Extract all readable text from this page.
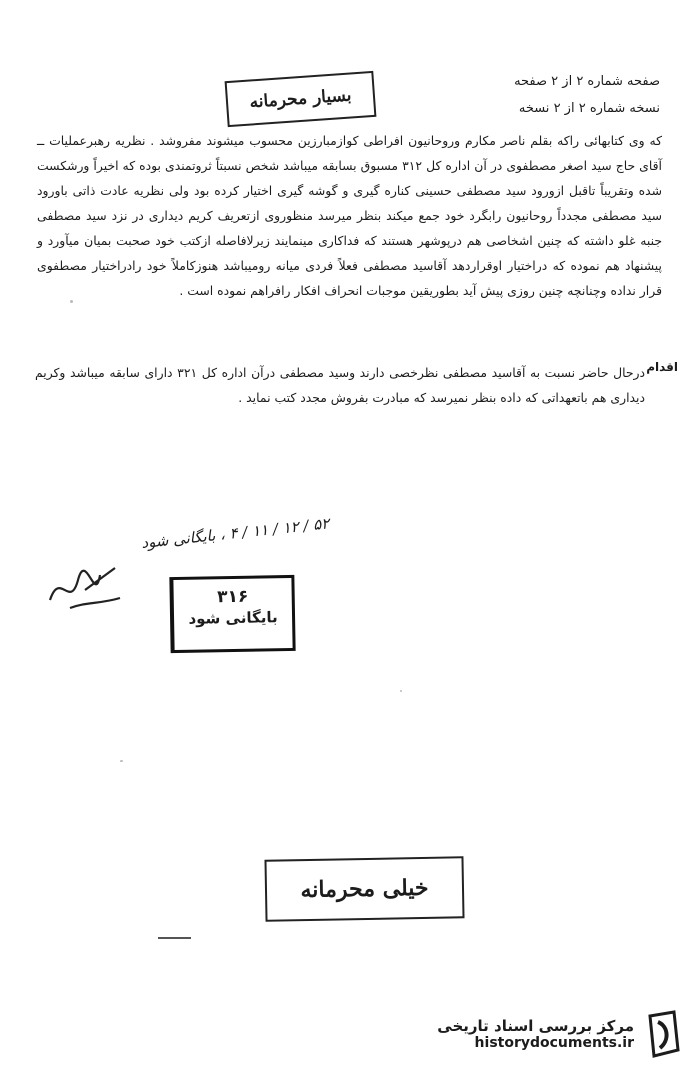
صفحه شماره ۲ از ۲ صفحه
نسخه شماره ۲ از ۲ نسخه
بسیار محرمانه

که وی کتابهائی راکه بقلم ناصر مکارم وروحانیون افراطی کوازمبارزین محسوب میشوند مفروشد . نظریه رهبرعملیات ــ آقای حاج سید اصغر مصطفوی در آن اداره کل ۳۱۲ مسبوق بسابقه میباشد شخص نسبتاً ثروتمندی بوده که اخیراً ورشکست شده وتقریباً تاقبل ازورود سید مصطفی حسینی کناره گیری و گوشه گیری اختیار کرده بود ولی نظریه عادت ذاتی باورود سید مصطفی مجدداً روحانیون رابگرد خود جمع میکند بنظر میرسد منظوروی ازتعریف کریم دیداری در نزد سید مصطفی جنبه غلو داشته که چنین اشخاصی هم درپوشهر هستند که فداکاری مینمایند زیرلافاصله ازکتب خود صحبت بمیان میآورد و پیشنهاد هم نموده که دراختیار اوقراردهد آقاسید مصطفی فعلاً فردی میانه رومیباشد هنوزکاملاً خود رادراختیار مصطفوی قرار نداده وچنانچه چنین روزی پیش آید بطوریقین موجبات انحراف افکار رافراهم نموده است .

اقدام

درحال حاضر نسبت به آقاسید مصطفی نظرخصی دارند وسید مصطفی درآن اداره کل ۳۲۱ دارای سابقه میباشد وکریم دیداری هم باتعهداتی که داده بنظر نمیرسد که مبادرت بفروش مجدد کتب نماید .

۵۲ / ۱۲ / ۱۱ / ۴ ، بایگانی شود
۳۱۶
بایگانی شود
خیلی محرمانه
مرکز بررسی اسناد تاریخی
historydocuments.ir
